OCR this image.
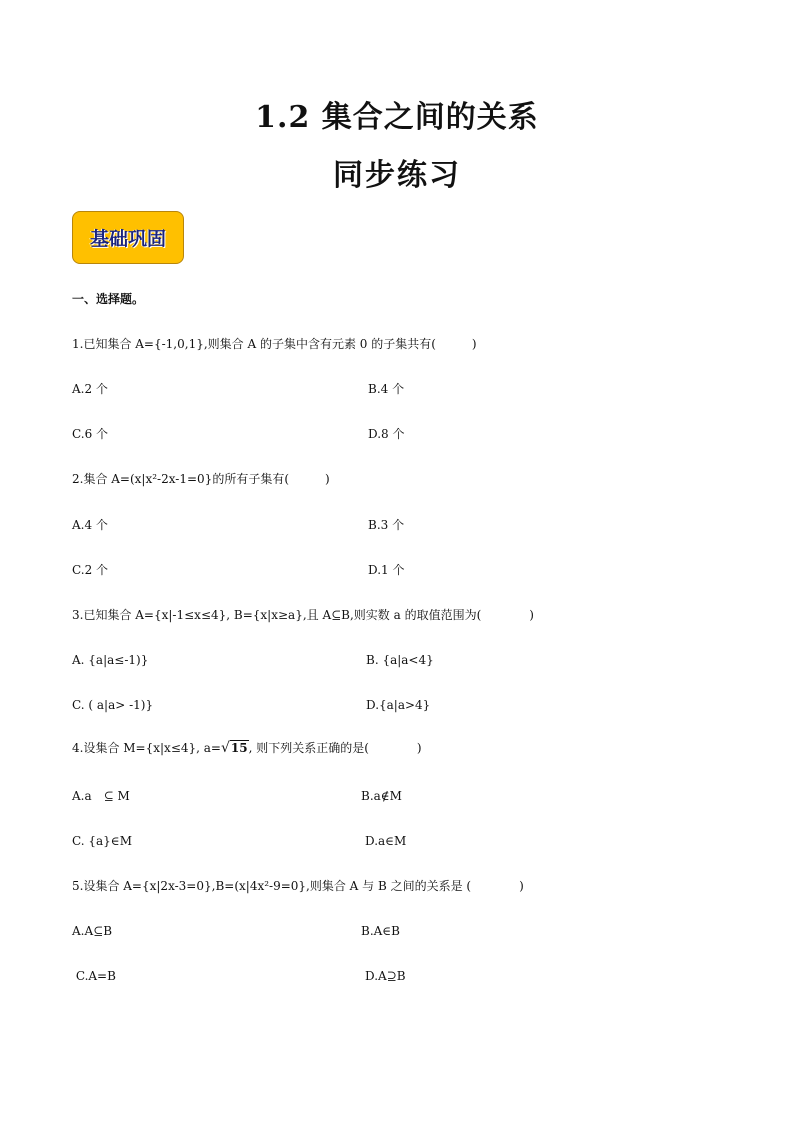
1.2 集合之间的关系
同步练习
基础巩固
一、选择题。
1.已知集合 A={-1,0,1},则集合 A 的子集中含有元素 0 的子集共有(　　　)
A.2 个	B.4 个
C.6 个	D.8 个
2.集合 A=(x|x²-2x-1=0}的所有子集有(　　　)
A.4 个	B.3 个
C.2 个	D.1 个
3.已知集合 A={x|-1≤x≤4}, B={x|x≥a},且 A⊆B,则实数 a 的取值范围为(　　　　)
A. {a|a≤-1)}	B. {a|a<4}
C. ( a|a> -1)}	D.{a|a>4}
4.设集合 M={x|x≤4}, a=√15, 则下列关系正确的是(　　　　)
A.a　⊆ M	B.a∉M
C. {a}∈M	D.a∈M
5.设集合 A={x|2x-3=0},B=(x|4x²-9=0},则集合 A 与 B 之间的关系是 (　　　　)
A.A⊆B	B.A∈B
C.A=B	D.A⊇B
